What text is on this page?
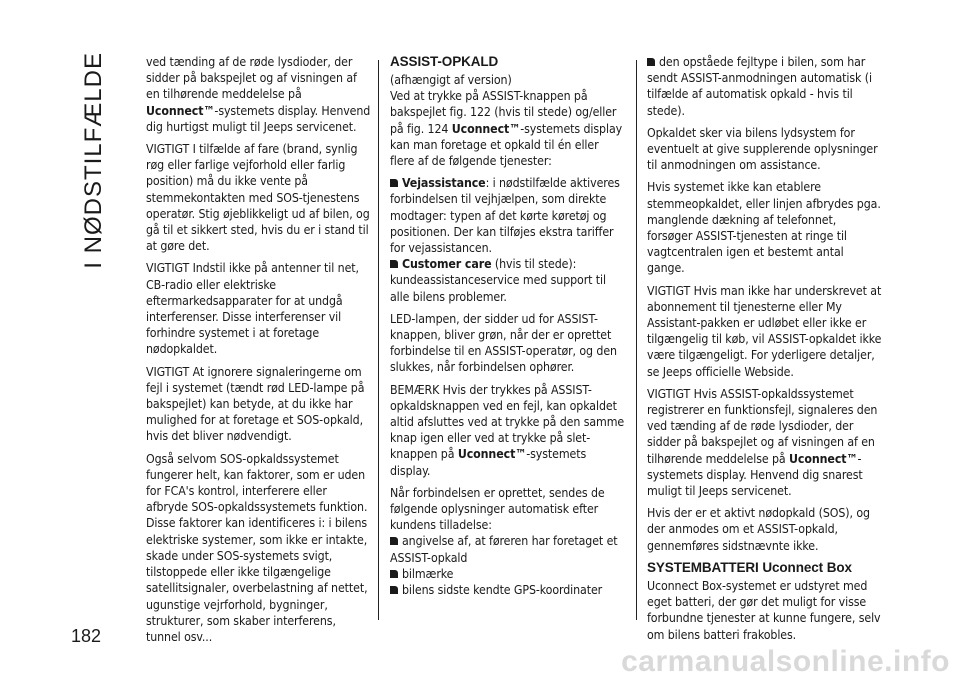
I NØDSTILFÆLDE	ved tænding af de røde lysdioder, der sidder på bakspejlet og af visningen af en tilhørende meddelelse på Uconnect™-systemets display. Henvend dig hurtigst muligt til Jeeps servicenet.

VIGTIGT I tilfælde af fare (brand, synlig røg eller farlige vejforhold eller farlig position) må du ikke vente på stemmekontakten med SOS-tjenestens operatør. Stig øjeblikkeligt ud af bilen, og gå til et sikkert sted, hvis du er i stand til at gøre det.

VIGTIGT Indstil ikke på antenner til net, CB-radio eller elektriske eftermarkedsapparater for at undgå interferenser. Disse interferenser vil forhindre systemet i at foretage nødopkaldet.

VIGTIGT At ignorere signaleringerne om fejl i systemet (tændt rød LED-lampe på bakspejlet) kan betyde, at du ikke har mulighed for at foretage et SOS-opkald, hvis det bliver nødvendigt.

Også selvom SOS-opkaldssystemet fungerer helt, kan faktorer, som er uden for FCA's kontrol, interferere eller afbryde SOS-opkaldssystemets funktion. Disse faktorer kan identificeres i: i bilens elektriske systemer, som ikke er intakte, skade under SOS-systemets svigt, tilstoppede eller ikke tilgængelige satellitsignaler, overbelastning af nettet, ugunstige vejrforhold, bygninger, strukturer, som skaber interferens, tunnel osv...

ASSIST-OPKALD

(afhængigt af version)

Ved at trykke på ASSIST-knappen på bakspejlet fig. 122 (hvis til stede) og/eller på fig. 124 Uconnect™-systemets display kan man foretage et opkald til én eller flere af de følgende tjenester:

Vejassistance: i nødstilfælde aktiveres forbindelsen til vejhjælpen, som direkte modtager: typen af det kørte køretøj og positionen. Der kan tilføjes ekstra tariffer for vejassistancen.

Customer care (hvis til stede): kundeassistanceservice med support til alle bilens problemer.

LED-lampen, der sidder ud for ASSIST-knappen, bliver grøn, når der er oprettet forbindelse til en ASSIST-operatør, og den slukkes, når forbindelsen ophører.

BEMÆRK Hvis der trykkes på ASSIST-opkaldsknappen ved en fejl, kan opkaldet altid afsluttes ved at trykke på den samme knap igen eller ved at trykke på slet-knappen på Uconnect™-systemets display.

Når forbindelsen er oprettet, sendes de følgende oplysninger automatisk efter kundens tilladelse:

angivelse af, at føreren har foretaget et ASSIST-opkald

bilmærke

bilens sidste kendte GPS-koordinater

den opståede fejltype i bilen, som har sendt ASSIST-anmodningen automatisk (i tilfælde af automatisk opkald - hvis til stede).

Opkaldet sker via bilens lydsystem for eventuelt at give supplerende oplysninger til anmodningen om assistance.

Hvis systemet ikke kan etablere stemmeopkaldet, eller linjen afbrydes pga. manglende dækning af telefonnet, forsøger ASSIST-tjenesten at ringe til vagtcentralen igen et bestemt antal gange.

VIGTIGT Hvis man ikke har underskrevet at abonnement til tjenesterne eller My Assistant-pakken er udløbet eller ikke er tilgængelig til køb, vil ASSIST-opkaldet ikke være tilgængeligt. For yderligere detaljer, se Jeeps officielle Webside.

VIGTIGT Hvis ASSIST-opkaldssystemet registrerer en funktionsfejl, signaleres den ved tænding af de røde lysdioder, der sidder på bakspejlet og af visningen af en tilhørende meddelelse på Uconnect™-systemets display. Henvend dig snarest muligt til Jeeps servicenet.

Hvis der er et aktivt nødopkald (SOS), og der anmodes om et ASSIST-opkald, gennemføres sidstnævnte ikke.

SYSTEMBATTERI Uconnect Box

Uconnect Box-systemet er udstyret med eget batteri, der gør det muligt for visse forbundne tjenester at kunne fungere, selv om bilens batteri frakobles.

182
carmanualsonline.info
